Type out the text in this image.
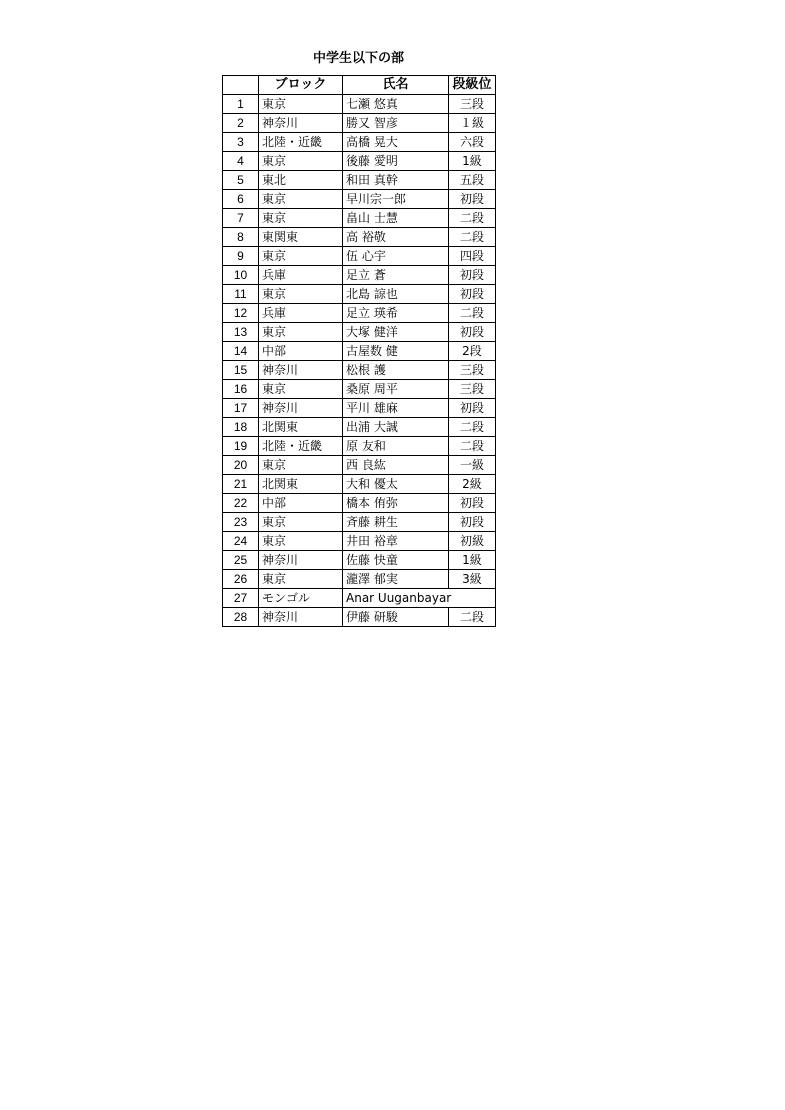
中学生以下の部
	ブロック	氏名	段級位
1	東京	七瀬 悠真	三段
2	神奈川	勝又 智彦	１級
3	北陸・近畿	高橋 晃大	六段
4	東京	後藤 愛明	1級
5	東北	和田 真幹	五段
6	東京	早川宗一郎	初段
7	東京	畠山 士慧	二段
8	東関東	高 裕敬	二段
9	東京	伍 心宇	四段
10	兵庫	足立 蒼	初段
11	東京	北島 諒也	初段
12	兵庫	足立 瑛希	二段
13	東京	大塚 健洋	初段
14	中部	古屋数 健	2段
15	神奈川	松根 護	三段
16	東京	桑原 周平	三段
17	神奈川	平川 雄麻	初段
18	北関東	出浦 大誠	二段
19	北陸・近畿	原 友和	二段
20	東京	西 良紘	一級
21	北関東	大和 優太	2級
22	中部	橋本 侑弥	初段
23	東京	斉藤 耕生	初段
24	東京	井田 裕章	初級
25	神奈川	佐藤 快童	1級
26	東京	瀧澤 郁実	3級
27	モンゴル	Anar Uuganbayar	
28	神奈川	伊藤 研駿	二段
